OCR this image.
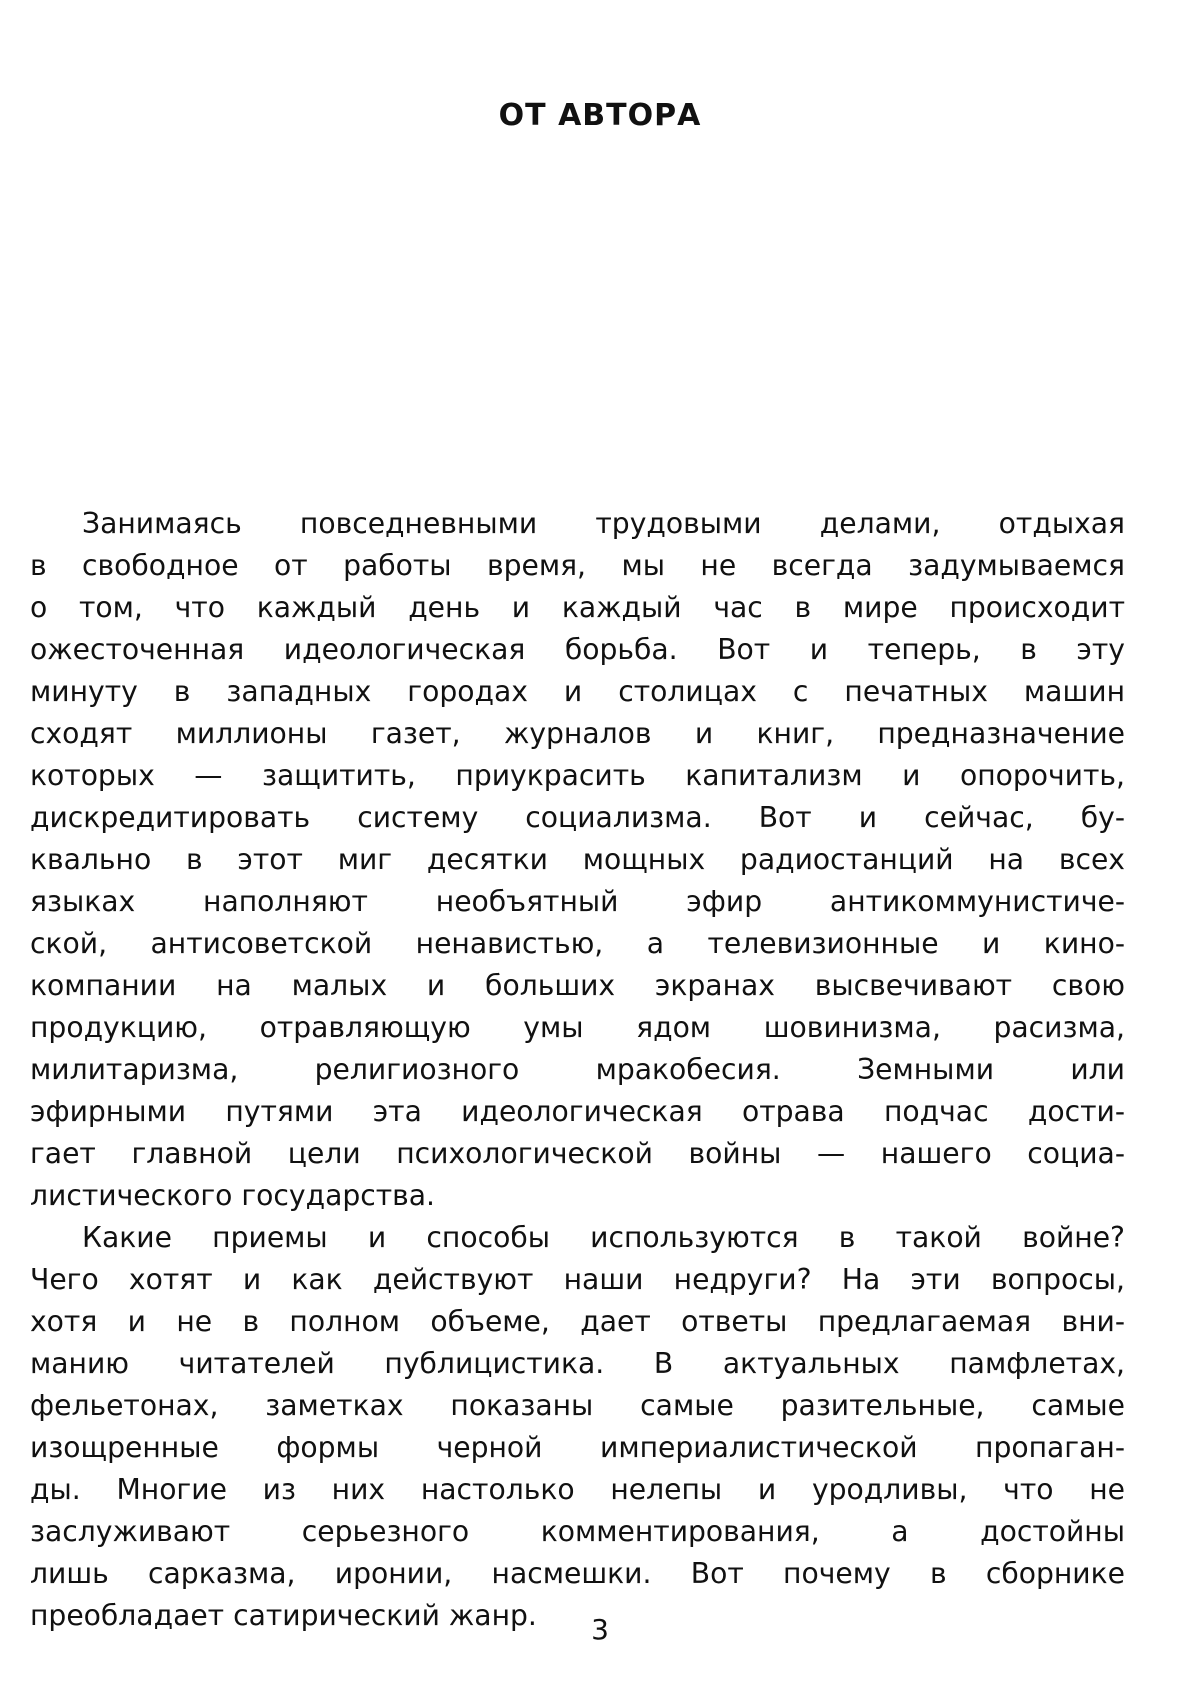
ОТ АВТОРА
Занимаясь повседневными трудовыми делами, отдыхая
в свободное от работы время, мы не всегда задумываемся
о том, что каждый день и каждый час в мире происходит
ожесточенная идеологическая борьба. Вот и теперь, в эту
минуту в западных городах и столицах с печатных машин
сходят миллионы газет, журналов и книг, предназначение
которых — защитить, приукрасить капитализм и опорочить,
дискредитировать систему социализма. Вот и сейчас, бу-
квально в этот миг десятки мощных радиостанций на всех
языках наполняют необъятный эфир антикоммунистиче-
ской, антисоветской ненавистью, а телевизионные и кино-
компании на малых и больших экранах высвечивают свою
продукцию, отравляющую умы ядом шовинизма, расизма,
милитаризма, религиозного мракобесия. Земными или
эфирными путями эта идеологическая отрава подчас дости-
гает главной цели психологической войны — нашего социа-
листического государства.
Какие приемы и способы используются в такой войне?
Чего хотят и как действуют наши недруги? На эти вопросы,
хотя и не в полном объеме, дает ответы предлагаемая вни-
манию читателей публицистика. В актуальных памфлетах,
фельетонах, заметках показаны самые разительные, самые
изощренные формы черной империалистической пропаган-
ды. Многие из них настолько нелепы и уродливы, что не
заслуживают серьезного комментирования, а достойны
лишь сарказма, иронии, насмешки. Вот почему в сборнике
преобладает сатирический жанр.	3
